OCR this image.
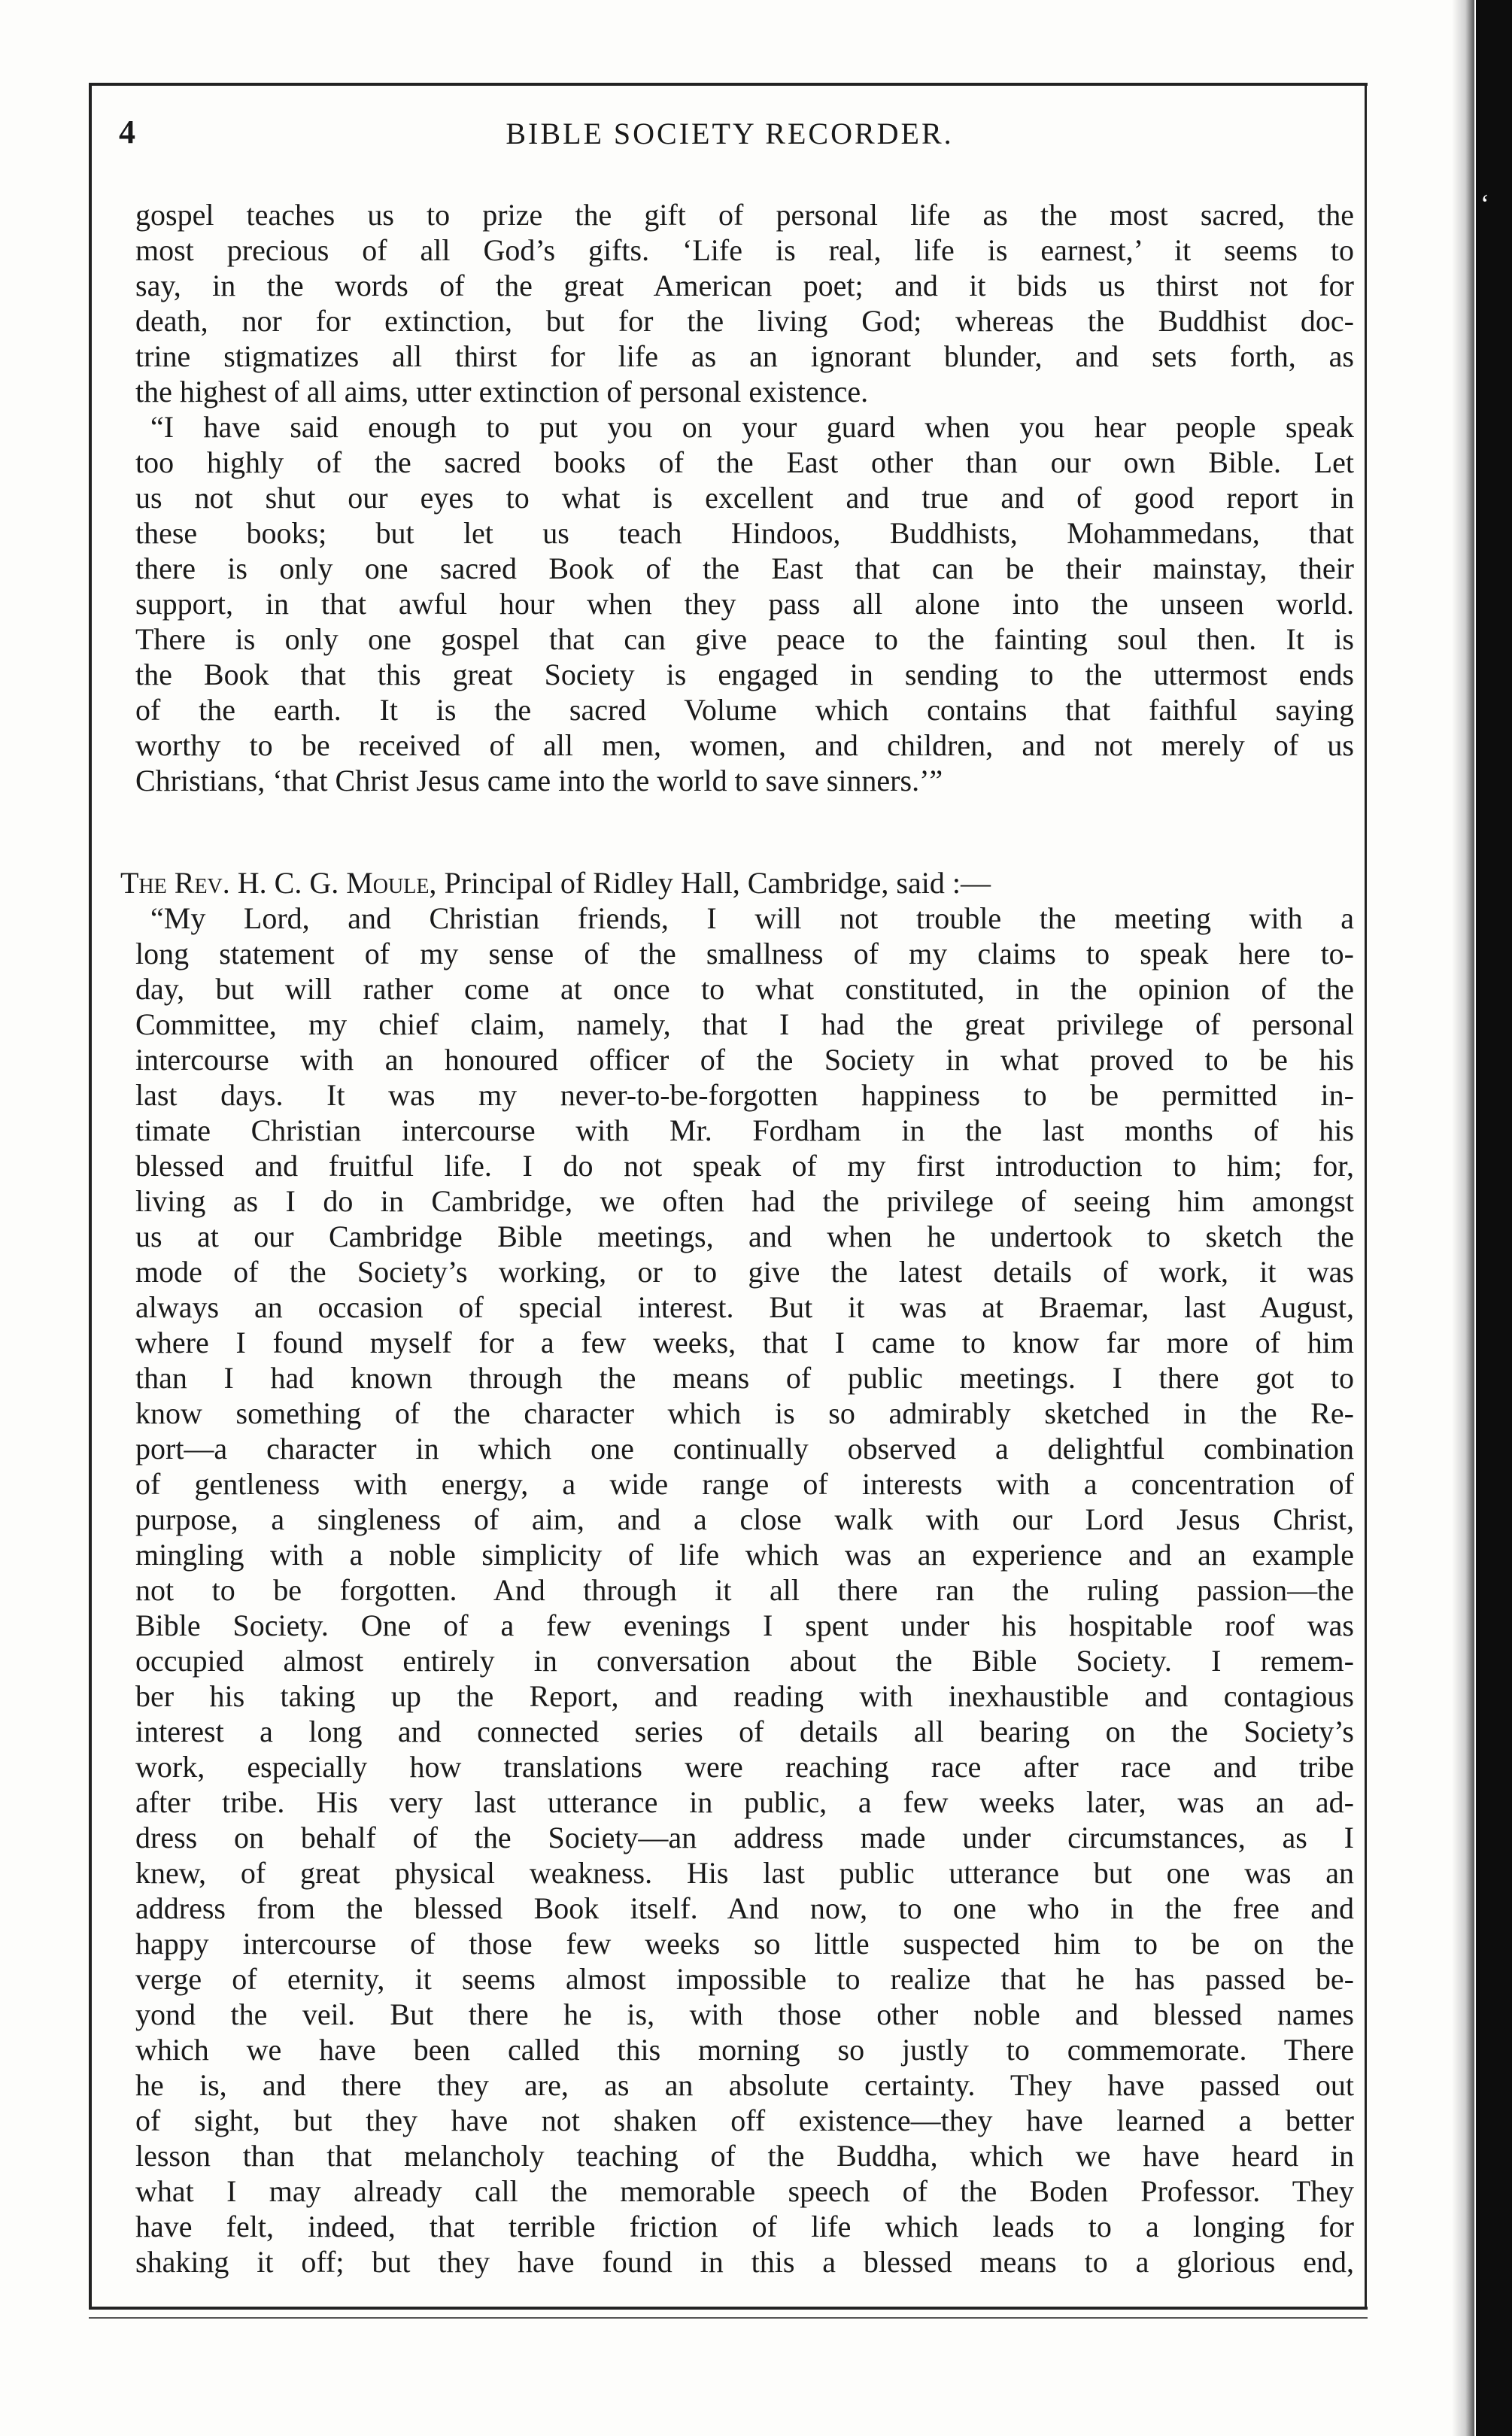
4	BIBLE SOCIETY RECORDER.
gospel teaches us to prize the gift of personal life as the most sacred, the
most precious of all God’s gifts. ‘Life is real, life is earnest,’ it seems to
say, in the words of the great American poet; and it bids us thirst not for
death, nor for extinction, but for the living God; whereas the Buddhist doc-
trine stigmatizes all thirst for life as an ignorant blunder, and sets forth, as
the highest of all aims, utter extinction of personal existence.
“I have said enough to put you on your guard when you hear people speak
too highly of the sacred books of the East other than our own Bible. Let
us not shut our eyes to what is excellent and true and of good report in
these books; but let us teach Hindoos, Buddhists, Mohammedans, that
there is only one sacred Book of the East that can be their mainstay, their
support, in that awful hour when they pass all alone into the unseen world.
There is only one gospel that can give peace to the fainting soul then. It is
the Book that this great Society is engaged in sending to the uttermost ends
of the earth. It is the sacred Volume which contains that faithful saying
worthy to be received of all men, women, and children, and not merely of us
Christians, ‘that Christ Jesus came into the world to save sinners.’”
The Rev. H. C. G. Moule, Principal of Ridley Hall, Cambridge, said :—
“My Lord, and Christian friends, I will not trouble the meeting with a
long statement of my sense of the smallness of my claims to speak here to-
day, but will rather come at once to what constituted, in the opinion of the
Committee, my chief claim, namely, that I had the great privilege of personal
intercourse with an honoured officer of the Society in what proved to be his
last days. It was my never-to-be-forgotten happiness to be permitted in-
timate Christian intercourse with Mr. Fordham in the last months of his
blessed and fruitful life. I do not speak of my first introduction to him; for,
living as I do in Cambridge, we often had the privilege of seeing him amongst
us at our Cambridge Bible meetings, and when he undertook to sketch the
mode of the Society’s working, or to give the latest details of work, it was
always an occasion of special interest. But it was at Braemar, last August,
where I found myself for a few weeks, that I came to know far more of him
than I had known through the means of public meetings. I there got to
know something of the character which is so admirably sketched in the Re-
port—a character in which one continually observed a delightful combination
of gentleness with energy, a wide range of interests with a concentration of
purpose, a singleness of aim, and a close walk with our Lord Jesus Christ,
mingling with a noble simplicity of life which was an experience and an example
not to be forgotten. And through it all there ran the ruling passion—the
Bible Society. One of a few evenings I spent under his hospitable roof was
occupied almost entirely in conversation about the Bible Society. I remem-
ber his taking up the Report, and reading with inexhaustible and contagious
interest a long and connected series of details all bearing on the Society’s
work, especially how translations were reaching race after race and tribe
after tribe. His very last utterance in public, a few weeks later, was an ad-
dress on behalf of the Society—an address made under circumstances, as I
knew, of great physical weakness. His last public utterance but one was an
address from the blessed Book itself. And now, to one who in the free and
happy intercourse of those few weeks so little suspected him to be on the
verge of eternity, it seems almost impossible to realize that he has passed be-
yond the veil. But there he is, with those other noble and blessed names
which we have been called this morning so justly to commemorate. There
he is, and there they are, as an absolute certainty. They have passed out
of sight, but they have not shaken off existence—they have learned a better
lesson than that melancholy teaching of the Buddha, which we have heard in
what I may already call the memorable speech of the Boden Professor. They
have felt, indeed, that terrible friction of life which leads to a longing for
shaking it off; but they have found in this a blessed means to a glorious end,
‘
